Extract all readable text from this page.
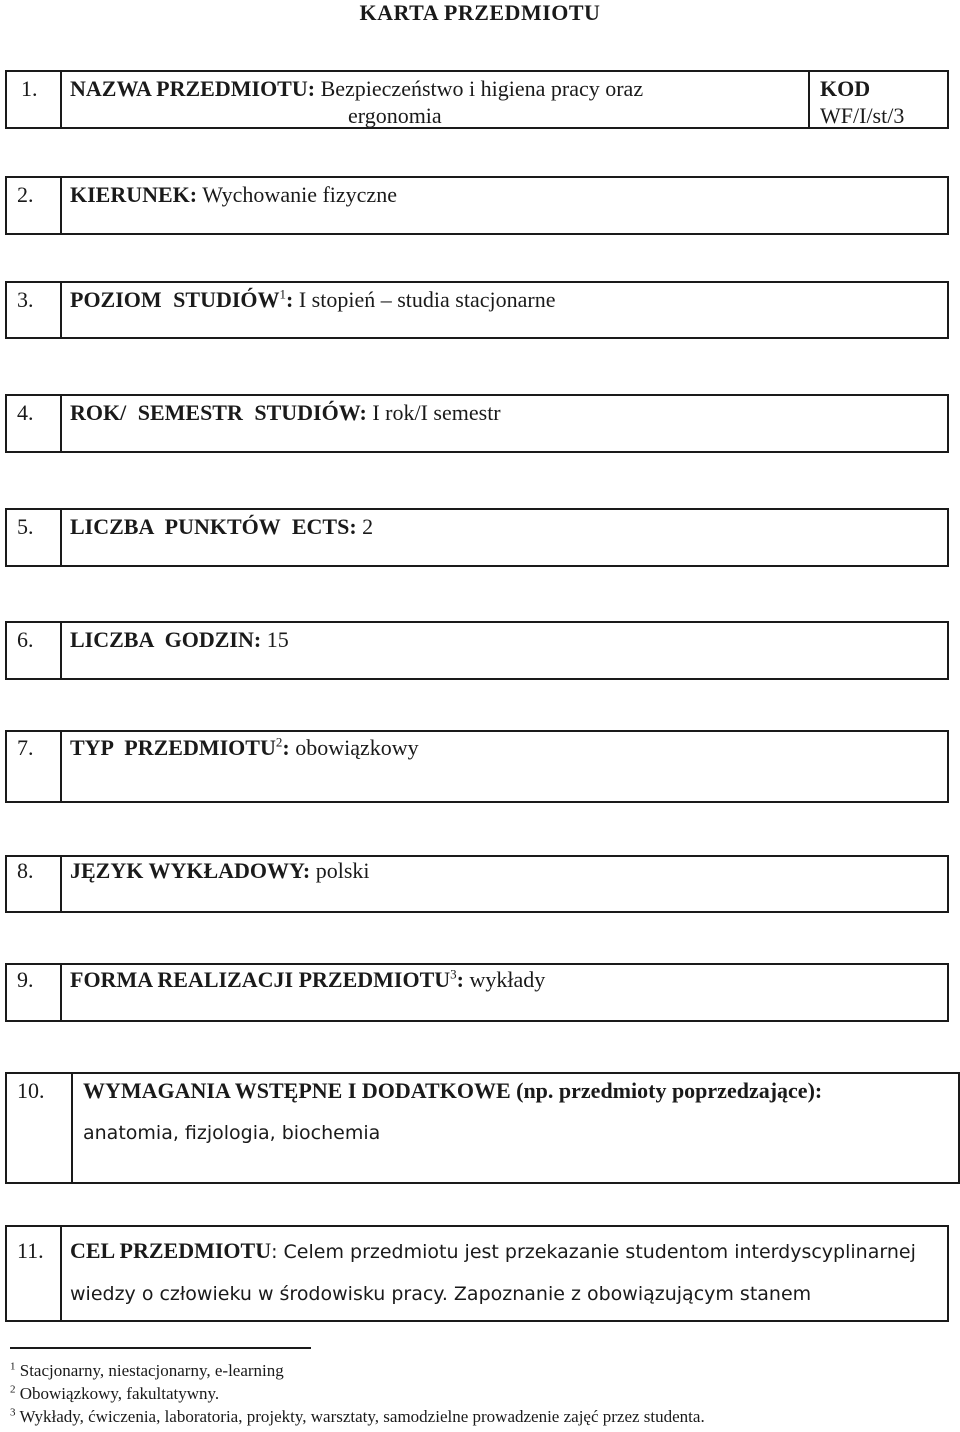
KARTA PRZEDMIOTU
1. NAZWA PRZEDMIOTU: Bezpieczeństwo i higiena pracy oraz
ergonomia
KOD
WF/I/st/3
2. KIERUNEK: Wychowanie fizyczne
3. POZIOM STUDIÓW$^1$: I stopień – studia stacjonarne
4. ROK/ SEMESTR STUDIÓW: I rok/I semestr
5. LICZBA PUNKTÓW ECTS: 2
6. LICZBA GODZIN: 15
7. TYP PRZEDMIOTU$^2$: obowiązkowy
8. JĘZYK WYKŁADOWY: polski
9. FORMA REALIZACJI PRZEDMIOTU$^3$: wykłady
10. WYMAGANIA WSTĘPNE I DODATKOWE (np. przedmioty poprzedzające):
anatomia, fizjologia, biochemia
11. CEL PRZEDMIOTU: Celem przedmiotu jest przekazanie studentom interdyscyplinarnej
wiedzy o człowieku w środowisku pracy. Zapoznanie z obowiązującym stanem
$^1$ Stacjonarny, niestacjonarny, e-learning
$^2$ Obowiązkowy, fakultatywny.
$^3$ Wykłady, ćwiczenia, laboratoria, projekty, warsztaty, samodzielne prowadzenie zajęć przez studenta.
